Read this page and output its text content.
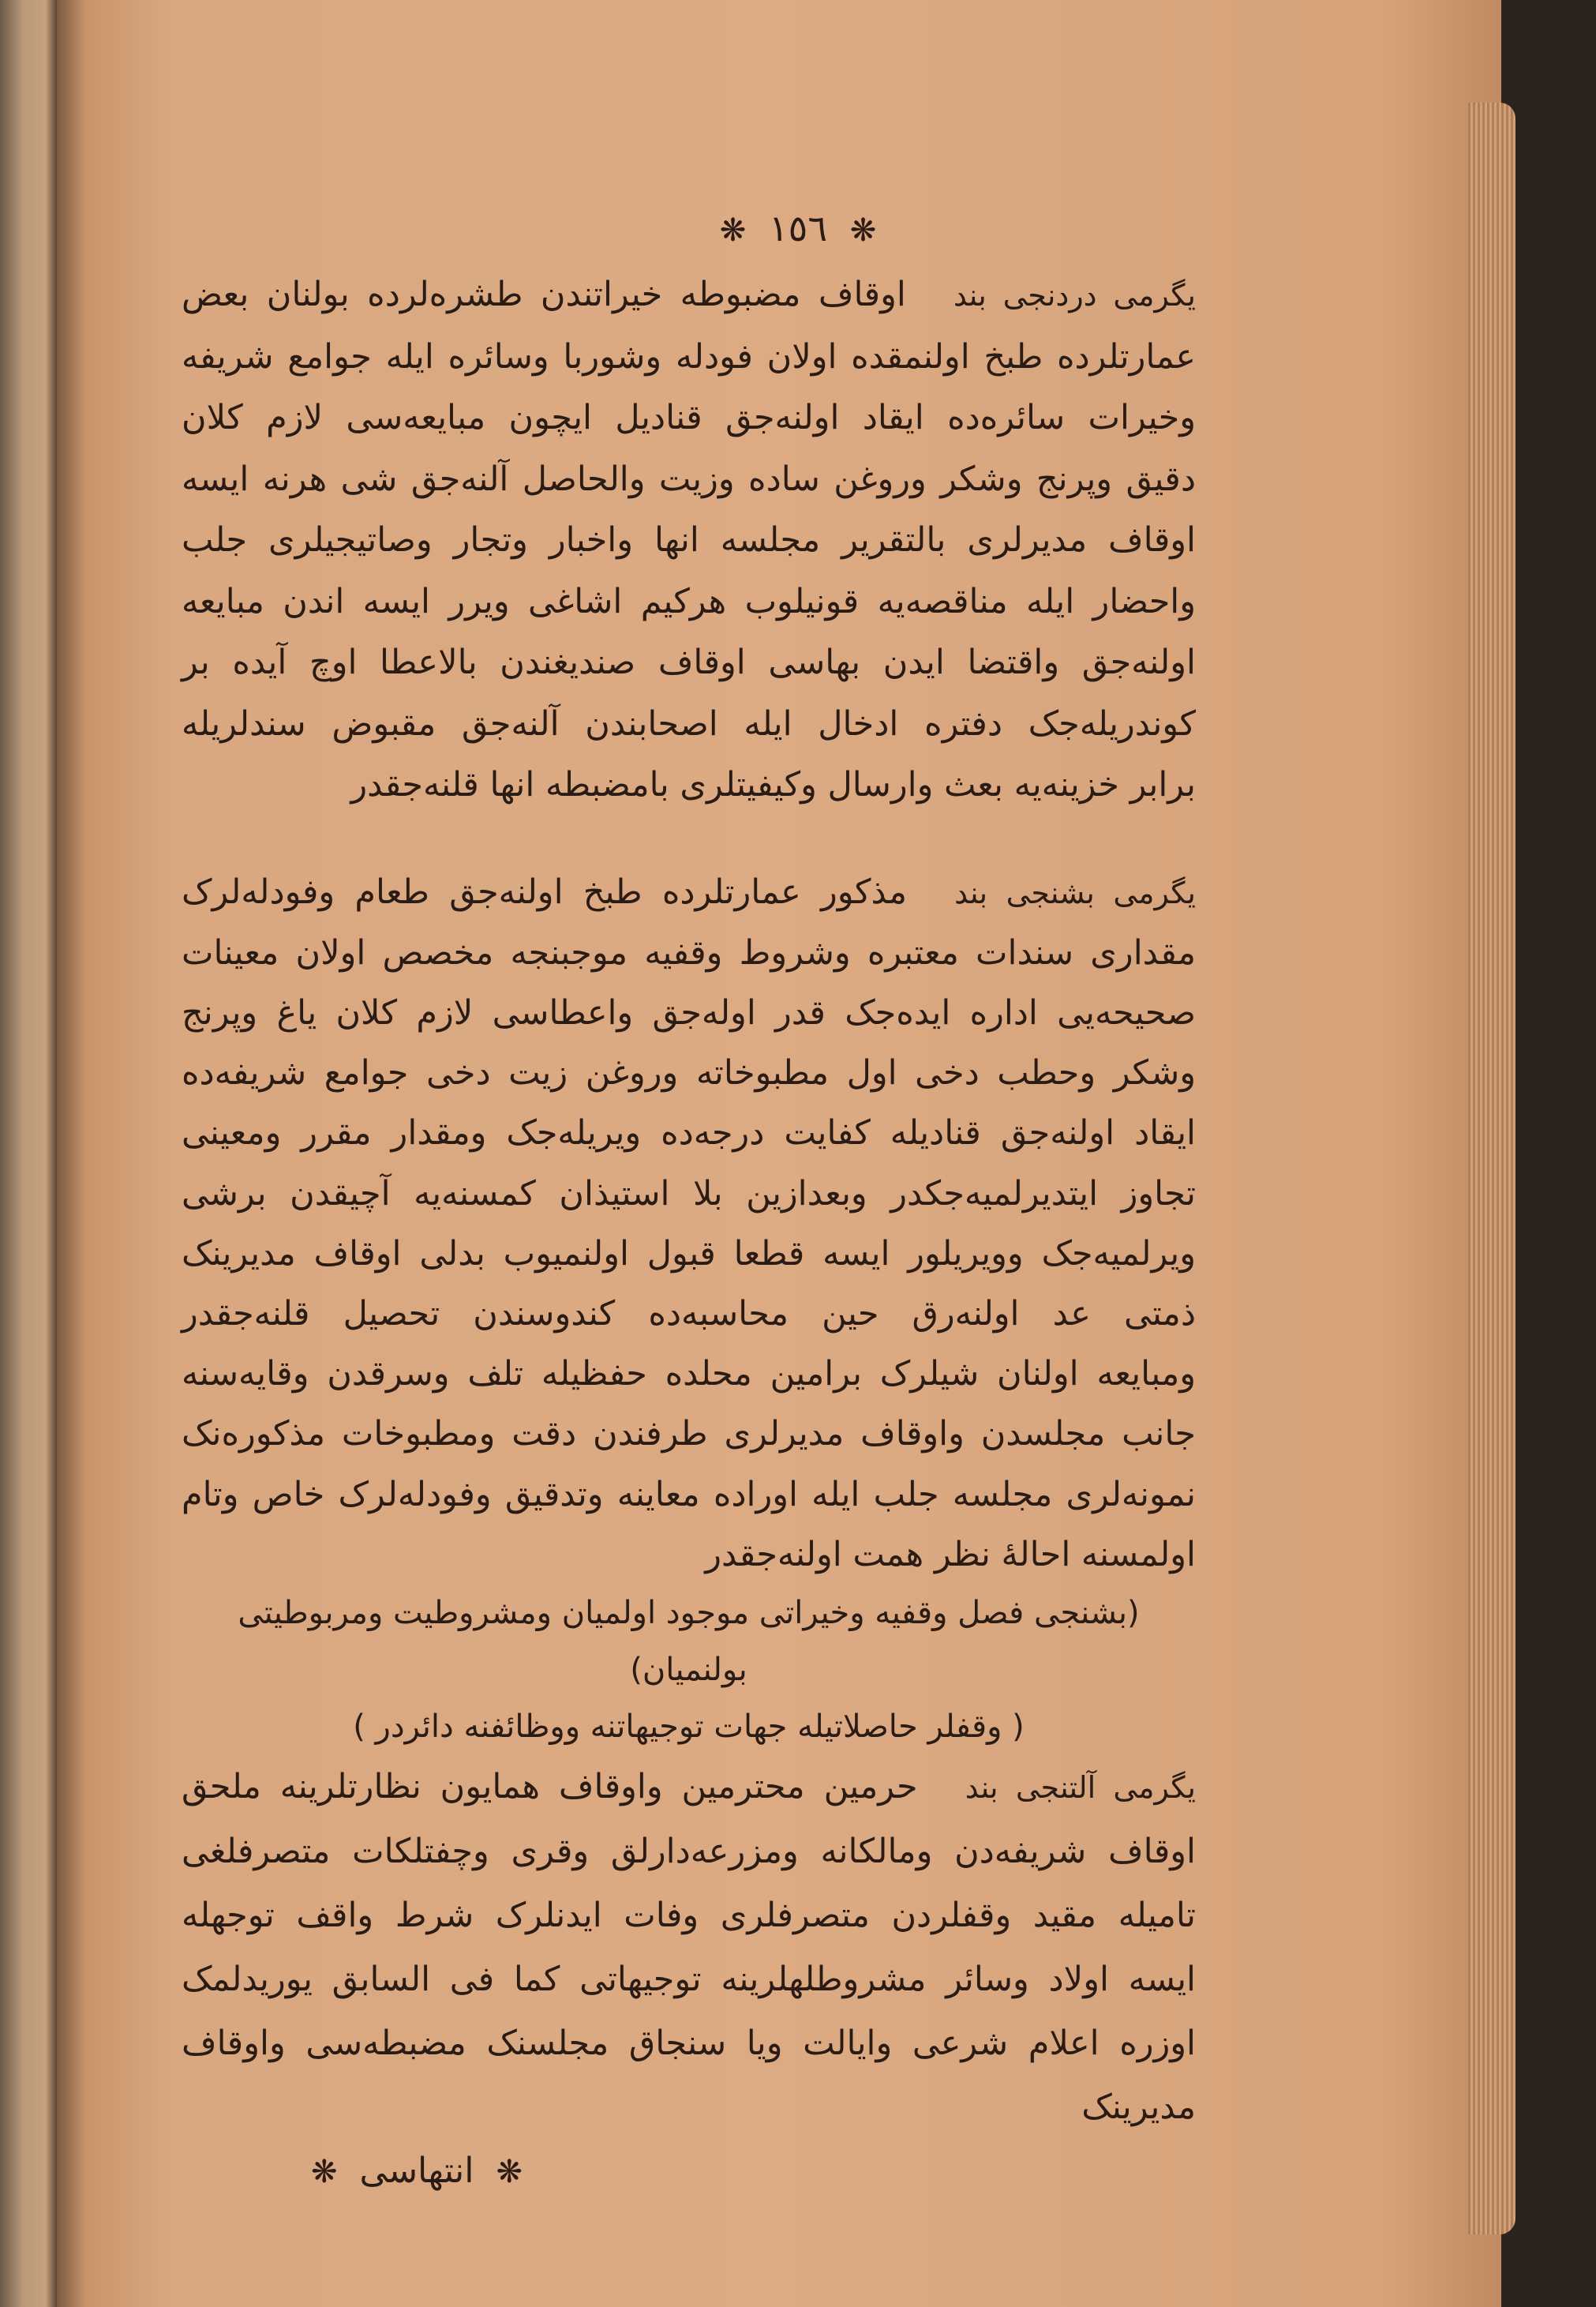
❋ ١٥٦ ❋
یگرمی دردنجی بنداوقاف مضبوطه خیراتندن طشره‌لرده بولنان بعض
عمارتلرده طبخ اولنمقده اولان فودله وشوربا وسائره ایله جوامع شریفه
وخیرات سائره‌ده ایقاد اولنه‌جق قنادیل ایچون مبایعه‌سی لازم کلان
دقیق وپرنج وشکر وروغن ساده وزیت والحاصل آلنه‌جق شی هرنه ایسه
اوقاف مدیرلری بالتقریر مجلسه انها واخبار وتجار وصاتیجیلری جلب
واحضار ایله مناقصه‌یه قونیلوب هرکیم اشاغی ویرر ایسه اندن مبایعه
اولنه‌جق واقتضا ایدن بهاسی اوقاف صندیغندن بالاعطا اوچ آیده بر
کوندریله‌جک دفتره ادخال ایله اصحابندن آلنه‌جق مقبوض سندلریله
برابر خزینه‌یه بعث وارسال وکیفیتلری بامضبطه انها قلنه‌جقدر
یگرمی بشنجی بندمذکور عمارتلرده طبخ اولنه‌جق طعام وفودله‌لرک
مقداری سندات معتبره وشروط وقفیه موجبنجه مخصص اولان معینات
صحیحه‌یی اداره ایده‌جک قدر اوله‌جق واعطاسی لازم کلان یاغ وپرنج
وشکر وحطب دخی اول مطبوخاته وروغن زیت دخی جوامع شریفه‌ده
ایقاد اولنه‌جق قنادیله کفایت درجه‌ده ویریله‌جک ومقدار مقرر ومعینی
تجاوز ایتدیرلمیه‌جکدر وبعدازین بلا استیذان کمسنه‌یه آچیقدن برشی
ویرلمیه‌جک وویریلور ایسه قطعا قبول اولنمیوب بدلی اوقاف مدیرینک
ذمتی عد اولنه‌رق حین محاسبه‌ده کندوسندن تحصیل قلنه‌جقدر
ومبایعه اولنان شیلرک برامین محلده حفظیله تلف وسرقدن وقایه‌سنه
جانب مجلسدن واوقاف مدیرلری طرفندن دقت ومطبوخات مذکوره‌نک
نمونه‌لری مجلسه جلب ایله اوراده معاینه وتدقیق وفودله‌لرک خاص وتام
اولمسنه احاله‌ٔ نظر همت اولنه‌جقدر
(بشنجی فصل وقفیه وخیراتی موجود اولمیان ومشروطیت ومربوطیتی بولنمیان)
( وقفلر حاصلاتیله جهات توجیهاتنه ووظائفنه دائردر )
یگرمی آلتنجی بندحرمین محترمین واوقاف همایون نظارتلرینه ملحق
اوقاف شریفه‌دن ومالکانه ومزرعه‌دارلق وقری وچفتلکات متصرفلغی
تامیله مقید وقفلردن متصرفلری وفات ایدنلرک شرط واقف توجهله
ایسه اولاد وسائر مشروطلهلرینه توجیهاتی کما فی السابق یوریدلمک
اوزره اعلام شرعی وایالت ویا سنجاق مجلسنک مضبطه‌سی واوقاف مدیرینک
❋ انتهاسی ❋
